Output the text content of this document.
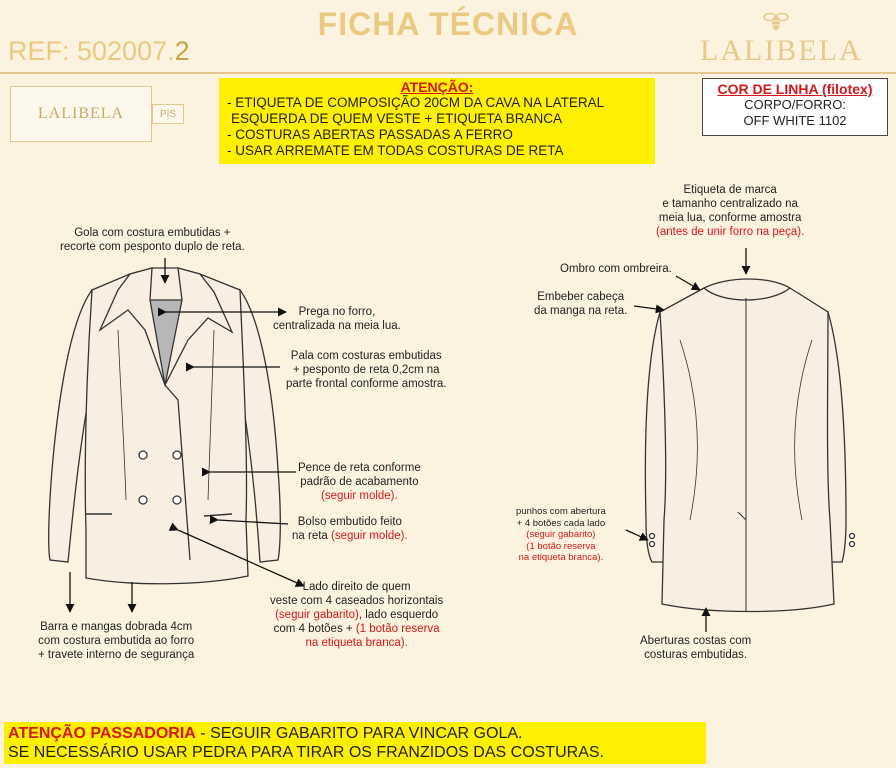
FICHA TÉCNICA
REF: 502007.2	LALIBELA
LALIBELA	P|S
ATENÇÃO:
- ETIQUETA DE COMPOSIÇÃO 20CM DA CAVA NA LATERAL
ESQUERDA DE QUEM VESTE + ETIQUETA BRANCA
- COSTURAS ABERTAS PASSADAS A FERRO
- USAR ARREMATE EM TODAS COSTURAS DE RETA
COR DE LINHA (filotex)
CORPO/FORRO:
OFF WHITE 1102
Gola com costura embutidas +
recorte com pesponto duplo de reta.
Prega no forro,
centralizada na meia lua.
Pala com costuras embutidas
+ pesponto de reta 0,2cm na
parte frontal conforme amostra.
Pence de reta conforme
padrão de acabamento
(seguir molde).
Bolso embutido feito
na reta (seguir molde).
Lado direito de quem
veste com 4 caseados horizontais
(seguir gabarito), lado esquerdo
com 4 botões + (1 botão reserva
na etiqueta branca).
Barra e mangas dobrada 4cm
com costura embutida ao forro
+ travete interno de segurança
Etiqueta de marca
e tamanho centralizado na
meia lua, conforme amostra
(antes de unir forro na peça).
Ombro com ombreira.
Embeber cabeça
da manga na reta.
punhos com abertura
+ 4 botões cada lado
(seguir gabarito)
(1 botão reserva
na etiqueta branca).
Aberturas costas com
costuras embutidas.
ATENÇÃO PASSADORIA - SEGUIR GABARITO PARA VINCAR GOLA.
SE NECESSÁRIO USAR PEDRA PARA TIRAR OS FRANZIDOS DAS COSTURAS.
